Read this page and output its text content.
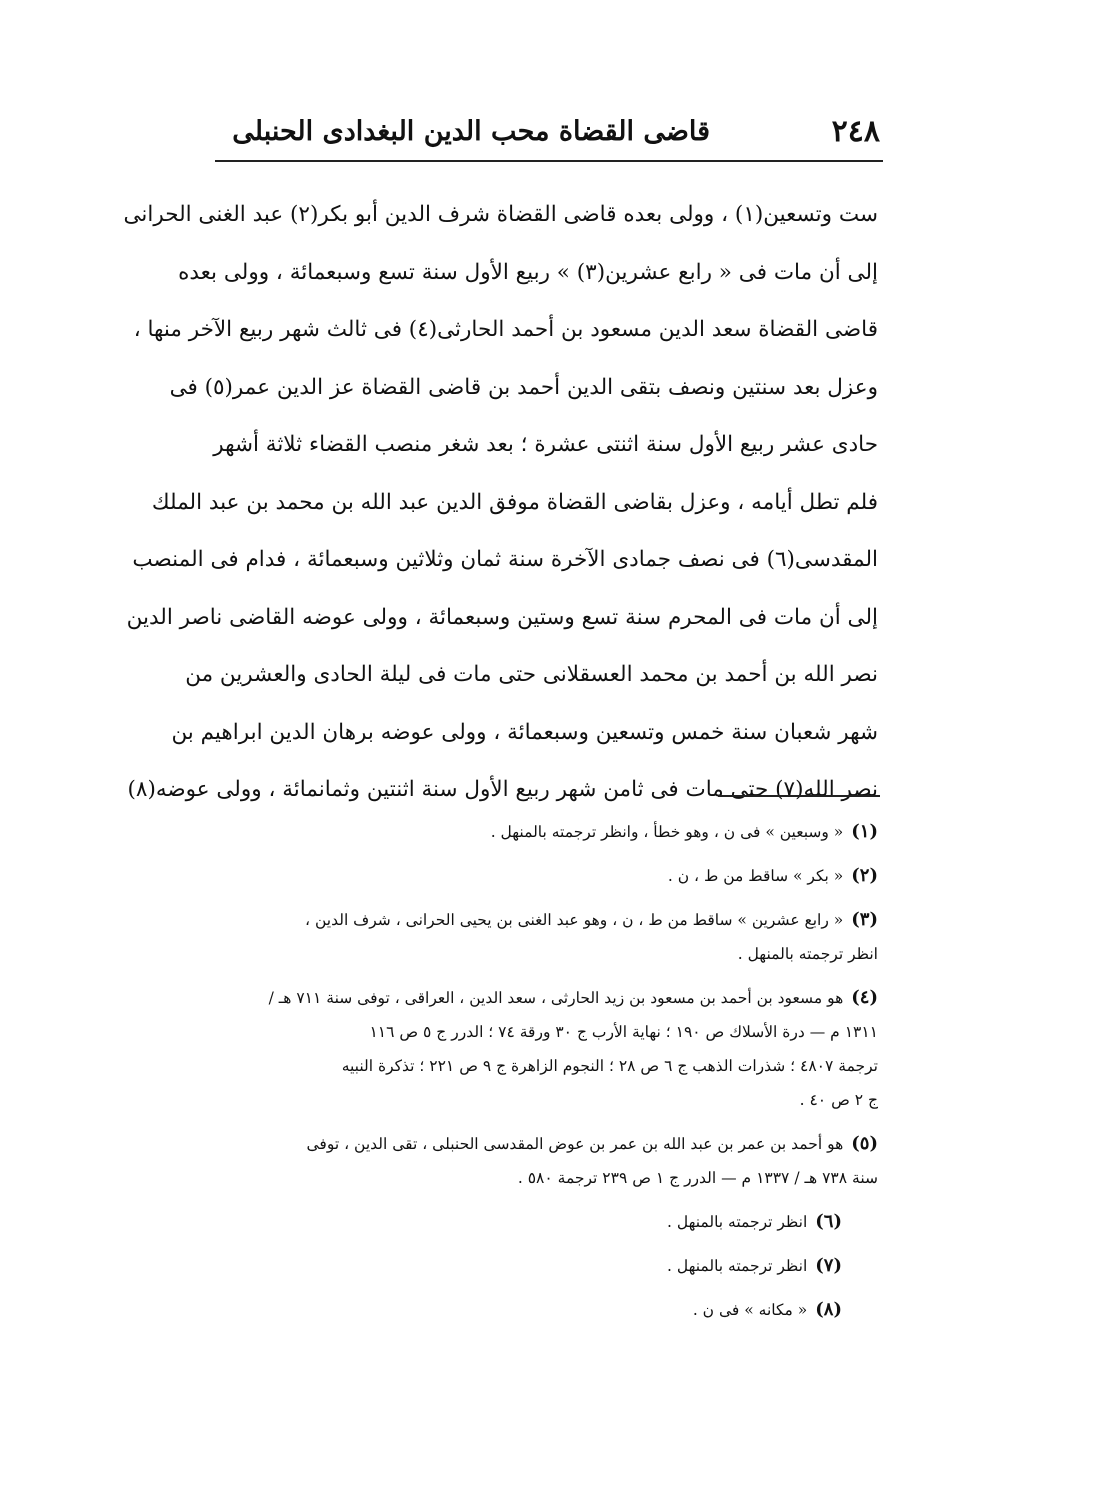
٢٤٨
قاضى القضاة محب الدين البغدادى الحنبلى
ست وتسعين(١) ، وولى بعده قاضى القضاة شرف الدين أبو بكر(٢) عبد الغنى الحرانى
إلى أن مات فى « رابع عشرين(٣) » ربيع الأول سنة تسع وسبعمائة ، وولى بعده
قاضى القضاة سعد الدين مسعود بن أحمد الحارثى(٤) فى ثالث شهر ربيع الآخر منها ،
وعزل بعد سنتين ونصف بتقى الدين أحمد بن قاضى القضاة عز الدين عمر(٥) فى
حادى عشر ربيع الأول سنة اثنتى عشرة ؛ بعد شغر منصب القضاء ثلاثة أشهر
فلم تطل أيامه ، وعزل بقاضى القضاة موفق الدين عبد الله بن محمد بن عبد الملك
المقدسى(٦) فى نصف جمادى الآخرة سنة ثمان وثلاثين وسبعمائة ، فدام فى المنصب
إلى أن مات فى المحرم سنة تسع وستين وسبعمائة ، وولى عوضه القاضى ناصر الدين
نصر الله بن أحمد بن محمد العسقلانى حتى مات فى ليلة الحادى والعشرين من
شهر شعبان سنة خمس وتسعين وسبعمائة ، وولى عوضه برهان الدين ابراهيم بن
نصر الله(٧) حتى مات فى ثامن شهر ربيع الأول سنة اثنتين وثمانمائة ، وولى عوضه(٨)
(١)« وسبعين » فى ن ، وهو خطأ ، وانظر ترجمته بالمنهل .
(٢)« بكر » ساقط من ط ، ن .
(٣)« رابع عشرين » ساقط من ط ، ن ، وهو عبد الغنى بن يحيى الحرانى ، شرف الدين ،
انظر ترجمته بالمنهل .
(٤)هو مسعود بن أحمد بن مسعود بن زيد الحارثى ، سعد الدين ، العراقى ، توفى سنة ٧١١ هـ /
١٣١١ م — درة الأسلاك ص ١٩٠ ؛ نهاية الأرب ج ٣٠ ورقة ٧٤ ؛ الدرر ج ٥ ص ١١٦
ترجمة ٤٨٠٧ ؛ شذرات الذهب ج ٦ ص ٢٨ ؛ النجوم الزاهرة ج ٩ ص ٢٢١ ؛ تذكرة النبيه
ج ٢ ص ٤٠ .
(٥)هو أحمد بن عمر بن عبد الله بن عمر بن عوض المقدسى الحنبلى ، تقى الدين ، توفى
سنة ٧٣٨ هـ / ١٣٣٧ م — الدرر ج ١ ص ٢٣٩ ترجمة ٥٨٠ .
(٦)انظر ترجمته بالمنهل .
(٧)انظر ترجمته بالمنهل .
(٨)« مكانه » فى ن .
